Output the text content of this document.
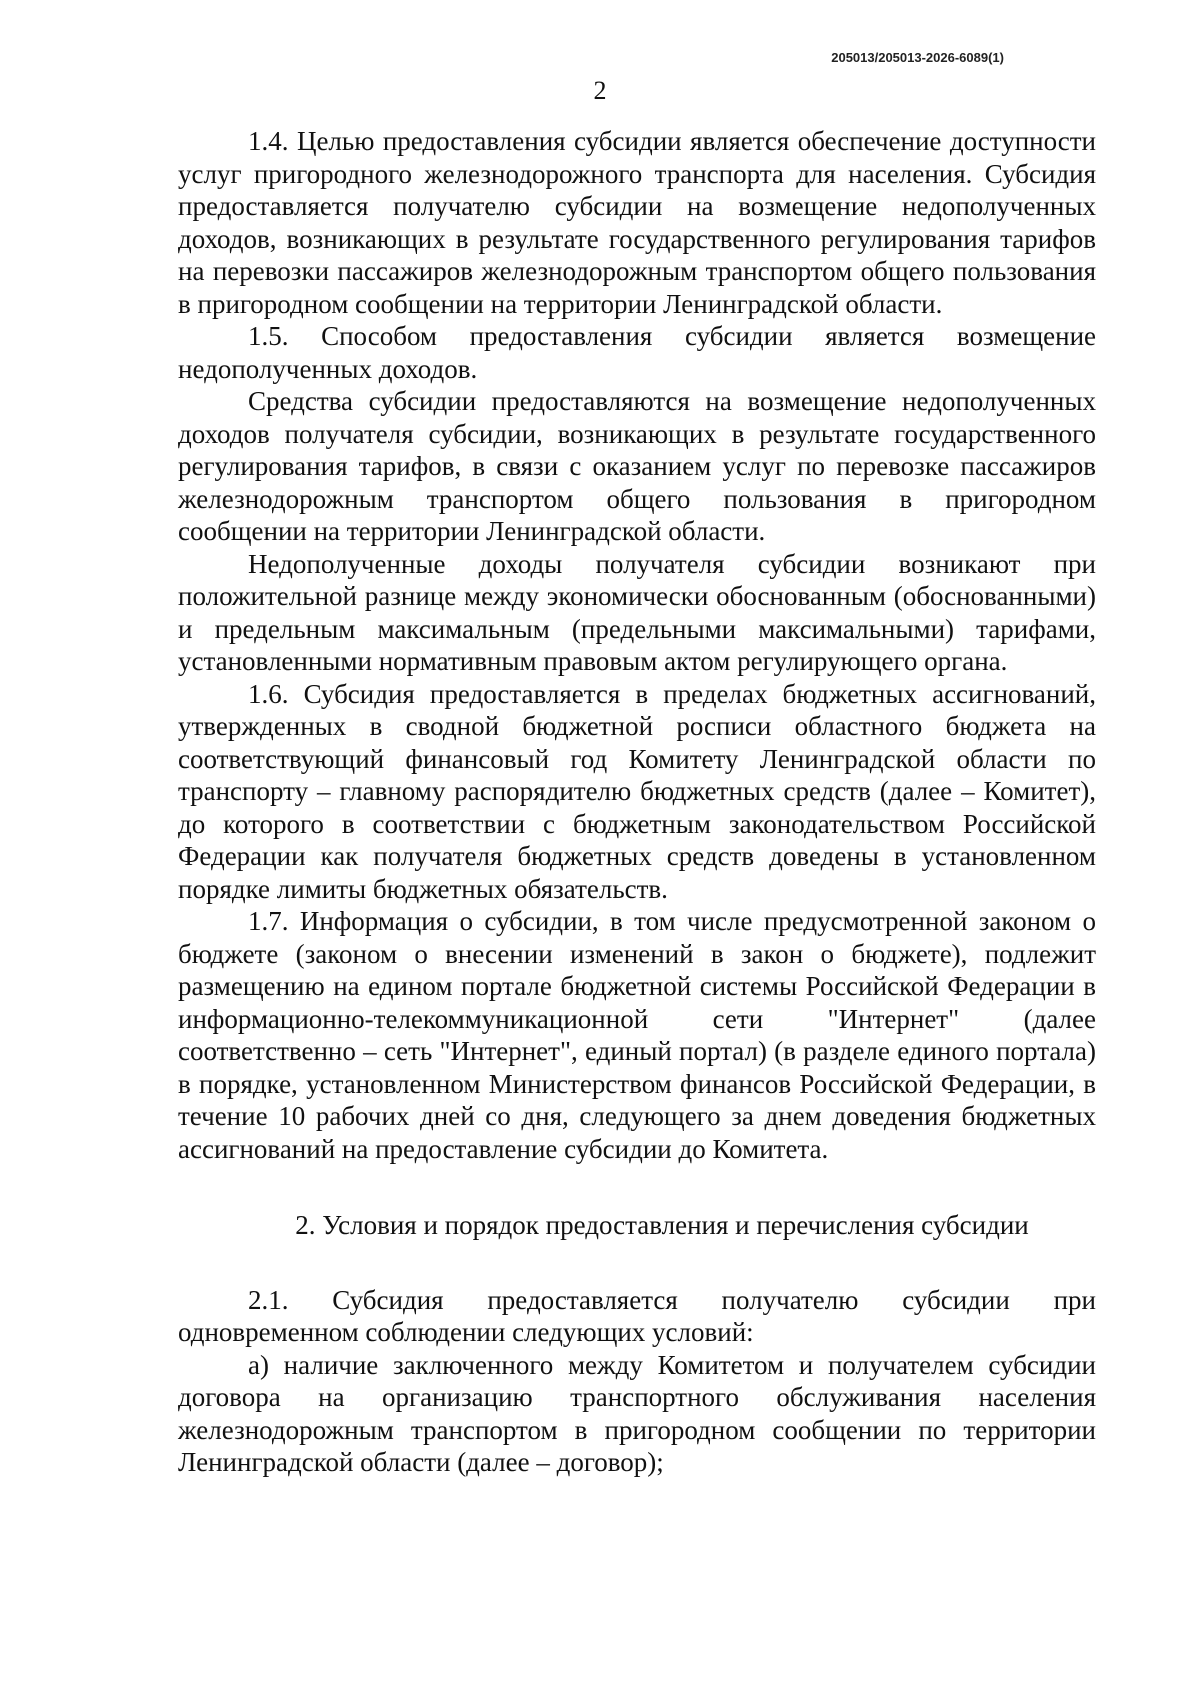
205013/205013-2026-6089(1)
2

1.4. Целью предоставления субсидии является обеспечение доступности услуг пригородного железнодорожного транспорта для населения. Субсидия предоставляется получателю субсидии на возмещение недополученных доходов, возникающих в результате государственного регулирования тарифов на перевозки пассажиров железнодорожным транспортом общего пользования в пригородном сообщении на территории Ленинградской области.

1.5. Способом предоставления субсидии является возмещение недополученных доходов.

Средства субсидии предоставляются на возмещение недополученных доходов получателя субсидии, возникающих в результате государственного регулирования тарифов, в связи с оказанием услуг по перевозке пассажиров железнодорожным транспортом общего пользования в пригородном сообщении на территории Ленинградской области.

Недополученные доходы получателя субсидии возникают при положительной разнице между экономически обоснованным (обоснованными) и предельным максимальным (предельными максимальными) тарифами, установленными нормативным правовым актом регулирующего органа.

1.6. Субсидия предоставляется в пределах бюджетных ассигнований, утвержденных в сводной бюджетной росписи областного бюджета на соответствующий финансовый год Комитету Ленинградской области по транспорту – главному распорядителю бюджетных средств (далее – Комитет), до которого в соответствии с бюджетным законодательством Российской Федерации как получателя бюджетных средств доведены в установленном порядке лимиты бюджетных обязательств.

1.7. Информация о субсидии, в том числе предусмотренной законом о бюджете (законом о внесении изменений в закон о бюджете), подлежит размещению на едином портале бюджетной системы Российской Федерации в информационно-телекоммуникационной сети "Интернет" (далее соответственно – сеть "Интернет", единый портал) (в разделе единого портала) в порядке, установленном Министерством финансов Российской Федерации, в течение 10 рабочих дней со дня, следующего за днем доведения бюджетных ассигнований на предоставление субсидии до Комитета.

2. Условия и порядок предоставления и перечисления субсидии

2.1. Субсидия предоставляется получателю субсидии при одновременном соблюдении следующих условий:

а) наличие заключенного между Комитетом и получателем субсидии договора на организацию транспортного обслуживания населения железнодорожным транспортом в пригородном сообщении по территории Ленинградской области (далее – договор);
